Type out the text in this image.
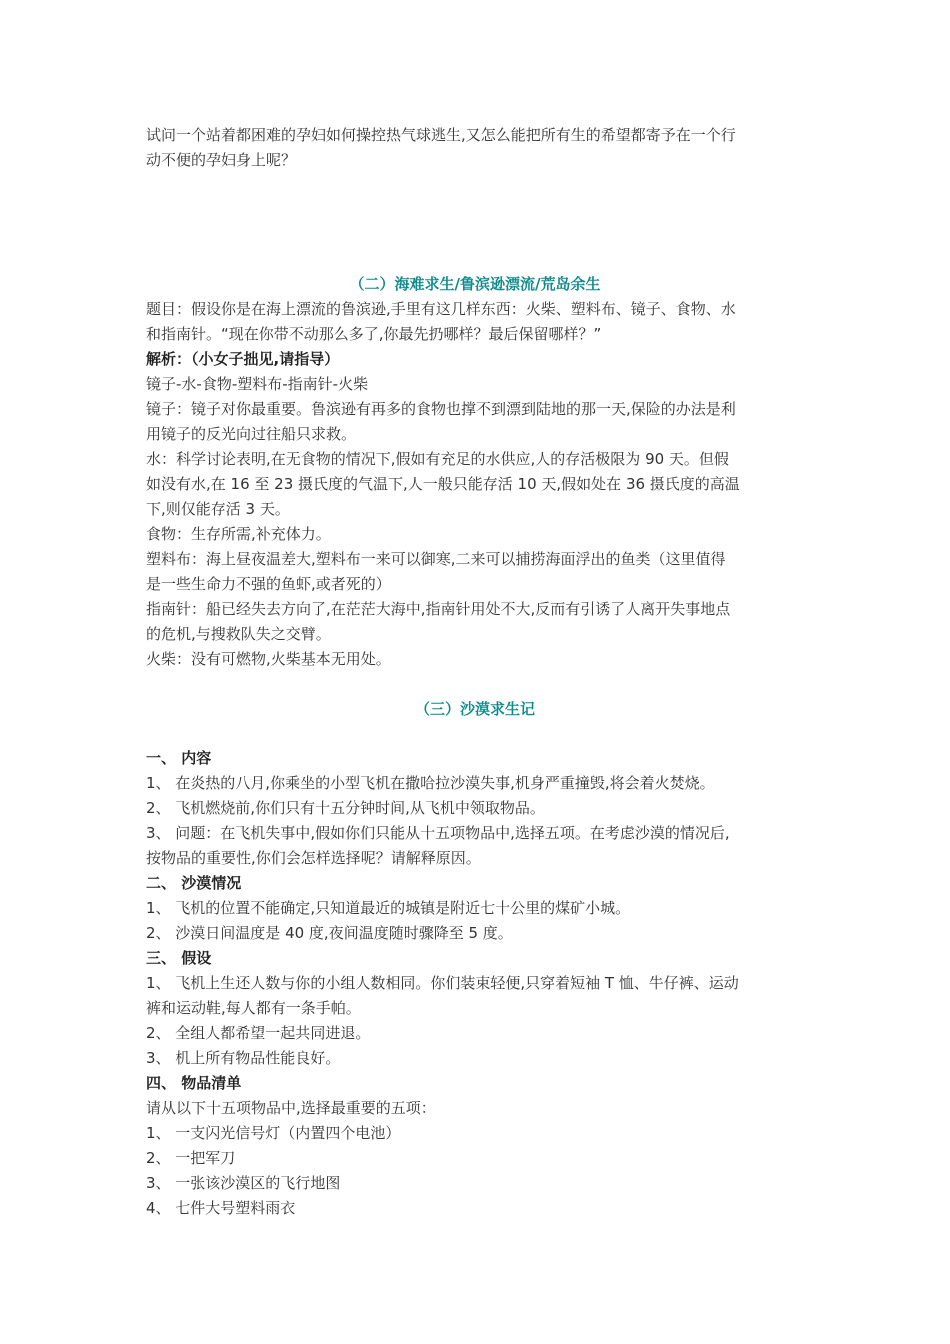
试问一个站着都困难的孕妇如何操控热气球逃生,又怎么能把所有生的希望都寄予在一个行
动不便的孕妇身上呢？
（二）海难求生/鲁滨逊漂流/荒岛余生
题目：假设你是在海上漂流的鲁滨逊,手里有这几样东西：火柴、塑料布、镜子、食物、水
和指南针。“现在你带不动那么多了,你最先扔哪样？最后保留哪样？”
解析：（小女子拙见,请指导）
镜子-水-食物-塑料布-指南针-火柴
镜子：镜子对你最重要。鲁滨逊有再多的食物也撑不到漂到陆地的那一天,保险的办法是利
用镜子的反光向过往船只求救。
水：科学讨论表明,在无食物的情况下,假如有充足的水供应,人的存活极限为 90 天。但假
如没有水,在 16 至 23 摄氏度的气温下,人一般只能存活 10 天,假如处在 36 摄氏度的高温
下,则仅能存活 3 天。
食物：生存所需,补充体力。
塑料布：海上昼夜温差大,塑料布一来可以御寒,二来可以捕捞海面浮出的鱼类（这里值得
是一些生命力不强的鱼虾,或者死的）
指南针：船已经失去方向了,在茫茫大海中,指南针用处不大,反而有引诱了人离开失事地点
的危机,与搜救队失之交臂。
火柴：没有可燃物,火柴基本无用处。
（三）沙漠求生记
一、 内容
1、 在炎热的八月,你乘坐的小型飞机在撒哈拉沙漠失事,机身严重撞毁,将会着火焚烧。
2、 飞机燃烧前,你们只有十五分钟时间,从飞机中领取物品。
3、 问题：在飞机失事中,假如你们只能从十五项物品中,选择五项。在考虑沙漠的情况后,
按物品的重要性,你们会怎样选择呢？请解释原因。
二、 沙漠情况
1、 飞机的位置不能确定,只知道最近的城镇是附近七十公里的煤矿小城。
2、 沙漠日间温度是 40 度,夜间温度随时骤降至 5 度。
三、 假设
1、 飞机上生还人数与你的小组人数相同。你们装束轻便,只穿着短袖 T 恤、牛仔裤、运动
裤和运动鞋,每人都有一条手帕。
2、 全组人都希望一起共同进退。
3、 机上所有物品性能良好。
四、 物品清单
请从以下十五项物品中,选择最重要的五项：
1、 一支闪光信号灯（内置四个电池）
2、 一把军刀
3、 一张该沙漠区的飞行地图
4、 七件大号塑料雨衣
